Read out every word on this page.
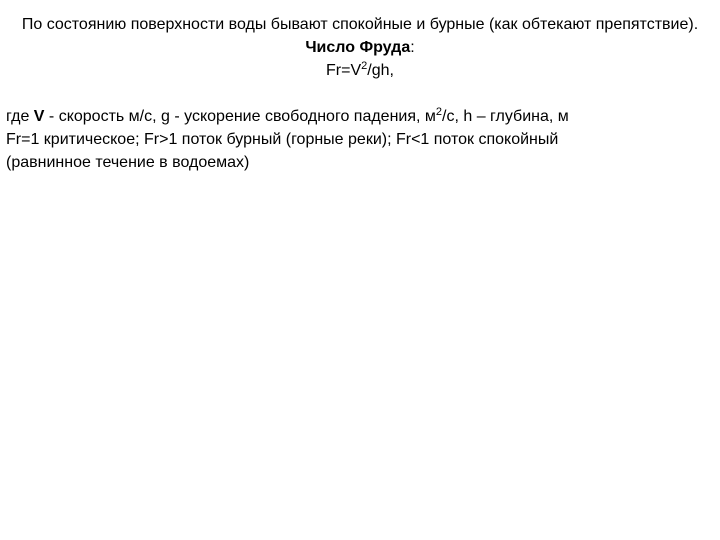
По состоянию поверхности воды бывают спокойные и бурные (как обтекают препятствие).

Число Фруда:

$Fr=V^2/gh$,

где V - скорость м/с, g - ускорение свободного падения, $м^2/с$, h – глубина, м

Fr=1 критическое; Fr>1 поток бурный (горные реки); Fr<1 поток спокойный

(равнинное течение в водоемах)
